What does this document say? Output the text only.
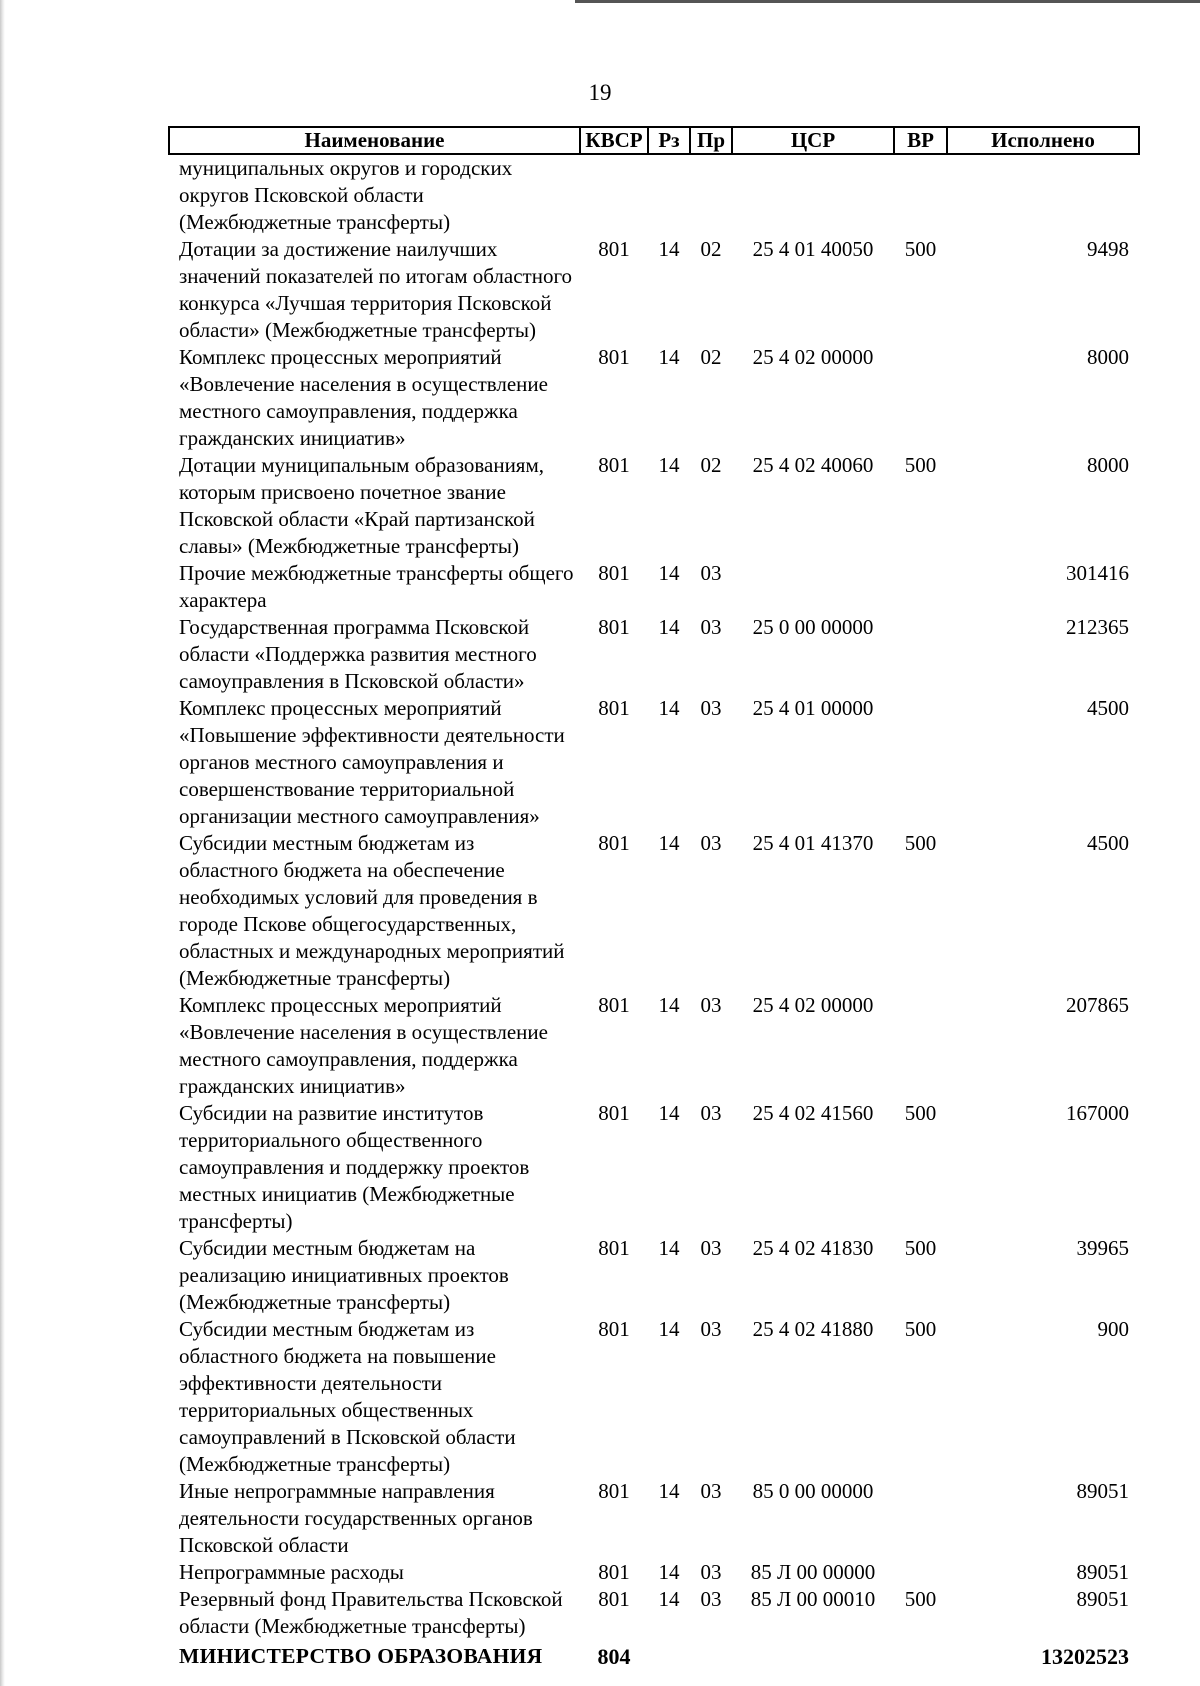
19
Наименование	КВСР	Рз	Пр	ЦСР	ВР	Исполнено
муниципальных округов и городских округов Псковской области (Межбюджетные трансферты)						
Дотации за достижение наилучших значений показателей по итогам областного конкурса «Лучшая территория Псковской области» (Межбюджетные трансферты)	801	14	02	25 4 01 40050	500	9498
Комплекс процессных мероприятий «Вовлечение населения в осуществление местного самоуправления, поддержка гражданских инициатив»	801	14	02	25 4 02 00000		8000
Дотации муниципальным образованиям, которым присвоено почетное звание Псковской области «Край партизанской славы» (Межбюджетные трансферты)	801	14	02	25 4 02 40060	500	8000
Прочие межбюджетные трансферты общего характера	801	14	03			301416
Государственная программа Псковской области «Поддержка развития местного самоуправления в Псковской области»	801	14	03	25 0 00 00000		212365
Комплекс процессных мероприятий «Повышение эффективности деятельности органов местного самоуправления и совершенствование территориальной организации местного самоуправления»	801	14	03	25 4 01 00000		4500
Субсидии местным бюджетам из областного бюджета на обеспечение необходимых условий для проведения в городе Пскове общегосударственных, областных и международных мероприятий (Межбюджетные трансферты)	801	14	03	25 4 01 41370	500	4500
Комплекс процессных мероприятий «Вовлечение населения в осуществление местного самоуправления, поддержка гражданских инициатив»	801	14	03	25 4 02 00000		207865
Субсидии на развитие институтов территориального общественного самоуправления и поддержку проектов местных инициатив (Межбюджетные трансферты)	801	14	03	25 4 02 41560	500	167000
Субсидии местным бюджетам на реализацию инициативных проектов (Межбюджетные трансферты)	801	14	03	25 4 02 41830	500	39965
Субсидии местным бюджетам из областного бюджета на повышение эффективности деятельности территориальных общественных самоуправлений в Псковской области (Межбюджетные трансферты)	801	14	03	25 4 02 41880	500	900
Иные непрограммные направления деятельности государственных органов Псковской области	801	14	03	85 0 00 00000		89051
Непрограммные расходы	801	14	03	85 Л 00 00000		89051
Резервный фонд Правительства Псковской области (Межбюджетные трансферты)	801	14	03	85 Л 00 00010	500	89051
МИНИСТЕРСТВО ОБРАЗОВАНИЯ	804					13202523
